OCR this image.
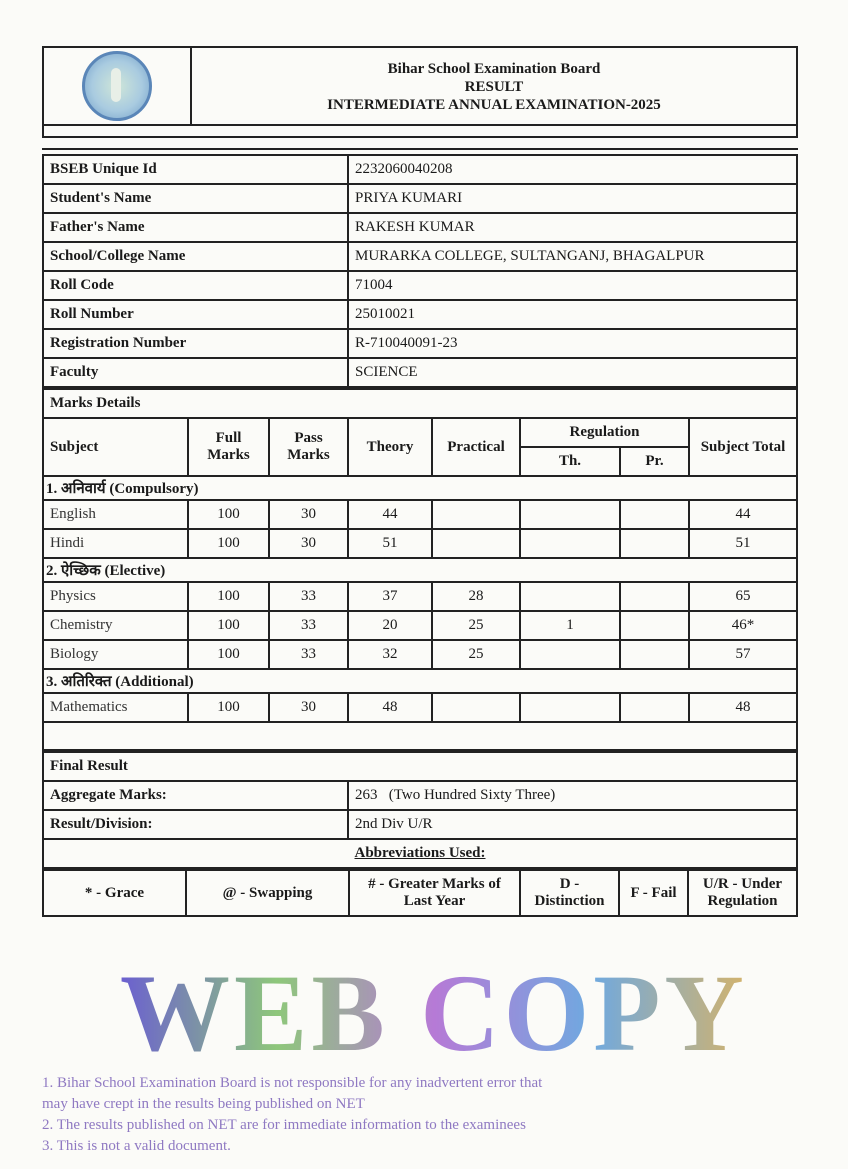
Bihar School Examination Board
RESULT
INTERMEDIATE ANNUAL EXAMINATION-2025
BSEB Unique Id	2232060040208
Student's Name	PRIYA KUMARI
Father's Name	RAKESH KUMAR
School/College Name	MURARKA COLLEGE, SULTANGANJ, BHAGALPUR
Roll Code	71004
Roll Number	25010021
Registration Number	R-710040091-23
Faculty	SCIENCE
Marks Details							
Subject	Full Marks	Pass Marks	Theory	Practical	Regulation		Subject Total
					Th.	Pr.	
1. अनिवार्य (Compulsory)							
English	100	30	44				44
Hindi	100	30	51				51
2. ऐच्छिक (Elective)							
Physics	100	33	37	28			65
Chemistry	100	33	20	25	1		46*
Biology	100	33	32	25			57
3. अतिरिक्त (Additional)							
Mathematics	100	30	48				48

Final Result	
Aggregate Marks:	263 (Two Hundred Sixty Three)
Result/Division:	2nd Div U/R
Abbreviations Used:	
* - Grace	@ - Swapping	# - Greater Marks of Last Year	D - Distinction	F - Fail	U/R - Under Regulation
WEB COPY
1. Bihar School Examination Board is not responsible for any inadvertent error that
may have crept in the results being published on NET
2. The results published on NET are for immediate information to the examinees
3. This is not a valid document.
